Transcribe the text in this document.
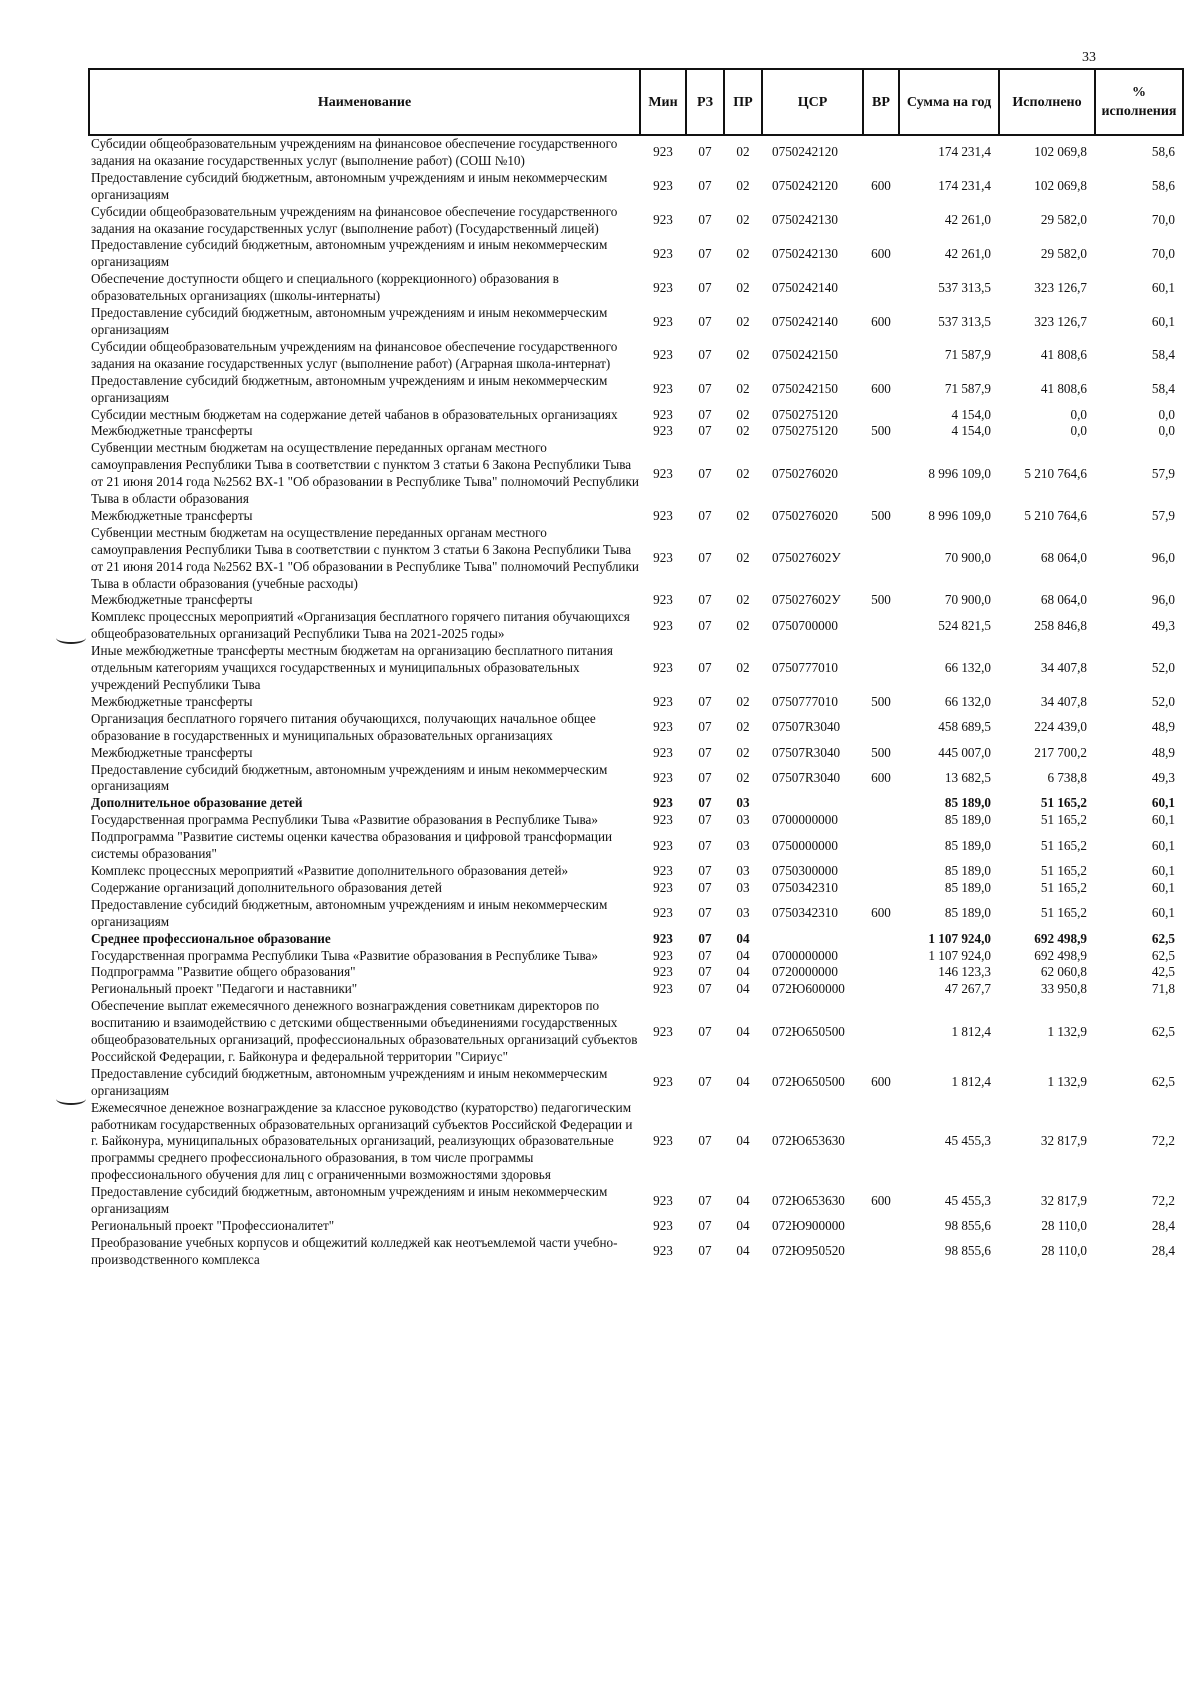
33
Наименование	Мин	РЗ	ПР	ЦСР	ВР	Сумма на год	Исполнено	% исполнения
Субсидии общеобразовательным учреждениям на финансовое обеспечение государственного задания на оказание государственных услуг (выполнение работ) (СОШ №10)	923	07	02	0750242120		174 231,4	102 069,8	58,6
Предоставление субсидий бюджетным, автономным учреждениям и иным некоммерческим организациям	923	07	02	0750242120	600	174 231,4	102 069,8	58,6
Субсидии общеобразовательным учреждениям на финансовое обеспечение государственного задания на оказание государственных услуг (выполнение работ) (Государственный лицей)	923	07	02	0750242130		42 261,0	29 582,0	70,0
Предоставление субсидий бюджетным, автономным учреждениям и иным некоммерческим организациям	923	07	02	0750242130	600	42 261,0	29 582,0	70,0
Обеспечение доступности общего и специального (коррекционного) образования в образовательных организациях (школы-интернаты)	923	07	02	0750242140		537 313,5	323 126,7	60,1
Предоставление субсидий бюджетным, автономным учреждениям и иным некоммерческим организациям	923	07	02	0750242140	600	537 313,5	323 126,7	60,1
Субсидии общеобразовательным учреждениям на финансовое обеспечение государственного задания на оказание государственных услуг (выполнение работ) (Аграрная школа-интернат)	923	07	02	0750242150		71 587,9	41 808,6	58,4
Предоставление субсидий бюджетным, автономным учреждениям и иным некоммерческим организациям	923	07	02	0750242150	600	71 587,9	41 808,6	58,4
Субсидии местным бюджетам на содержание детей чабанов в образовательных организациях	923	07	02	0750275120		4 154,0	0,0	0,0
Межбюджетные трансферты	923	07	02	0750275120	500	4 154,0	0,0	0,0
Субвенции местным бюджетам на осуществление переданных органам местного самоуправления Республики Тыва в соответствии с пунктом 3 статьи 6 Закона Республики Тыва от 21 июня 2014 года №2562 ВХ-1 "Об образовании в Республике Тыва" полномочий Республики Тыва в области образования	923	07	02	0750276020		8 996 109,0	5 210 764,6	57,9
Межбюджетные трансферты	923	07	02	0750276020	500	8 996 109,0	5 210 764,6	57,9
Субвенции местным бюджетам на осуществление переданных органам местного самоуправления Республики Тыва в соответствии с пунктом 3 статьи 6 Закона Республики Тыва от 21 июня 2014 года №2562 ВХ-1 "Об образовании в Республике Тыва" полномочий Республики Тыва в области образования (учебные расходы)	923	07	02	075027602У		70 900,0	68 064,0	96,0
Межбюджетные трансферты	923	07	02	075027602У	500	70 900,0	68 064,0	96,0
Комплекс процессных мероприятий «Организация бесплатного горячего питания обучающихся общеобразовательных организаций Республики Тыва на 2021-2025 годы»	923	07	02	0750700000		524 821,5	258 846,8	49,3
Иные межбюджетные трансферты местным бюджетам на организацию бесплатного питания отдельным категориям учащихся государственных и муниципальных образовательных учреждений Республики Тыва	923	07	02	0750777010		66 132,0	34 407,8	52,0
Межбюджетные трансферты	923	07	02	0750777010	500	66 132,0	34 407,8	52,0
Организация бесплатного горячего питания обучающихся, получающих начальное общее образование в государственных и муниципальных образовательных организациях	923	07	02	07507R3040		458 689,5	224 439,0	48,9
Межбюджетные трансферты	923	07	02	07507R3040	500	445 007,0	217 700,2	48,9
Предоставление субсидий бюджетным, автономным учреждениям и иным некоммерческим организациям	923	07	02	07507R3040	600	13 682,5	6 738,8	49,3
Дополнительное образование детей	923	07	03			85 189,0	51 165,2	60,1
Государственная программа Республики Тыва «Развитие образования в Республике Тыва»	923	07	03	0700000000		85 189,0	51 165,2	60,1
Подпрограмма "Развитие системы оценки качества образования и цифровой трансформации системы образования"	923	07	03	0750000000		85 189,0	51 165,2	60,1
Комплекс процессных мероприятий «Развитие дополнительного образования детей»	923	07	03	0750300000		85 189,0	51 165,2	60,1
Содержание организаций дополнительного образования детей	923	07	03	0750342310		85 189,0	51 165,2	60,1
Предоставление субсидий бюджетным, автономным учреждениям и иным некоммерческим организациям	923	07	03	0750342310	600	85 189,0	51 165,2	60,1
Среднее профессиональное образование	923	07	04			1 107 924,0	692 498,9	62,5
Государственная программа Республики Тыва «Развитие образования в Республике Тыва»	923	07	04	0700000000		1 107 924,0	692 498,9	62,5
Подпрограмма "Развитие общего образования"	923	07	04	0720000000		146 123,3	62 060,8	42,5
Региональный проект "Педагоги и наставники"	923	07	04	072Ю600000		47 267,7	33 950,8	71,8
Обеспечение выплат ежемесячного денежного вознаграждения советникам директоров по воспитанию и взаимодействию с детскими общественными объединениями государственных общеобразовательных организаций, профессиональных образовательных организаций субъектов Российской Федерации, г. Байконура и федеральной территории "Сириус"	923	07	04	072Ю650500		1 812,4	1 132,9	62,5
Предоставление субсидий бюджетным, автономным учреждениям и иным некоммерческим организациям	923	07	04	072Ю650500	600	1 812,4	1 132,9	62,5
Ежемесячное денежное вознаграждение за классное руководство (кураторство) педагогическим работникам государственных образовательных организаций субъектов Российской Федерации и г. Байконура, муниципальных образовательных организаций, реализующих образовательные программы среднего профессионального образования, в том числе программы профессионального обучения для лиц с ограниченными возможностями здоровья	923	07	04	072Ю653630		45 455,3	32 817,9	72,2
Предоставление субсидий бюджетным, автономным учреждениям и иным некоммерческим организациям	923	07	04	072Ю653630	600	45 455,3	32 817,9	72,2
Региональный проект "Профессионалитет"	923	07	04	072Ю900000		98 855,6	28 110,0	28,4
Преобразование учебных корпусов и общежитий колледжей как неотъемлемой части учебно-производственного комплекса	923	07	04	072Ю950520		98 855,6	28 110,0	28,4
